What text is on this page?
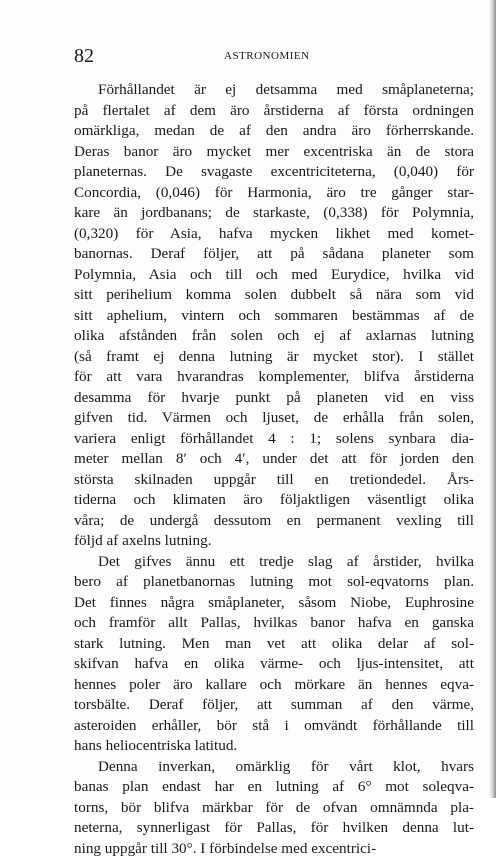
82	ASTRONOMIEN
Förhållandet är ej detsamma med småplaneterna;
på flertalet af dem äro årstiderna af första ordningen
omärkliga, medan de af den andra äro förherrskande.
Deras banor äro mycket mer excentriska än de stora
planeternas. De svagaste excentriciteterna, (0,040) för
Concordia, (0,046) för Harmonia, äro tre gånger star-
kare än jordbanans; de starkaste, (0,338) för Polymnia,
(0,320) för Asia, hafva mycken likhet med komet-
banornas. Deraf följer, att på sådana planeter som
Polymnia, Asia och till och med Eurydice, hvilka vid
sitt perihelium komma solen dubbelt så nära som vid
sitt aphelium, vintern och sommaren bestämmas af de
olika afstånden från solen och ej af axlarnas lutning
(så framt ej denna lutning är mycket stor). I stället
för att vara hvarandras komplementer, blifva årstiderna
desamma för hvarje punkt på planeten vid en viss
gifven tid. Värmen och ljuset, de erhålla från solen,
variera enligt förhållandet 4 : 1; solens synbara dia-
meter mellan 8′ och 4′, under det att för jorden den
största skilnaden uppgår till en tretiondedel. Års-
tiderna och klimaten äro följaktligen väsentligt olika
våra; de undergå dessutom en permanent vexling till
följd af axelns lutning.
Det gifves ännu ett tredje slag af årstider, hvilka
bero af planetbanornas lutning mot sol-eqvatorns plan.
Det finnes några småplaneter, såsom Niobe, Euphrosine
och framför allt Pallas, hvilkas banor hafva en ganska
stark lutning. Men man vet att olika delar af sol-
skifvan hafva en olika värme- och ljus-intensitet, att
hennes poler äro kallare och mörkare än hennes eqva-
torsbälte. Deraf följer, att summan af den värme,
asteroiden erhåller, bör stå i omvändt förhållande till
hans heliocentriska latitud.
Denna inverkan, omärklig för vårt klot, hvars
banas plan endast har en lutning af 6° mot soleqva-
torns, bör blifva märkbar för de ofvan omnämnda pla-
neterna, synnerligast för Pallas, för hvilken denna lut-
ning uppgår till 30°. I förbindelse med excentrici-
